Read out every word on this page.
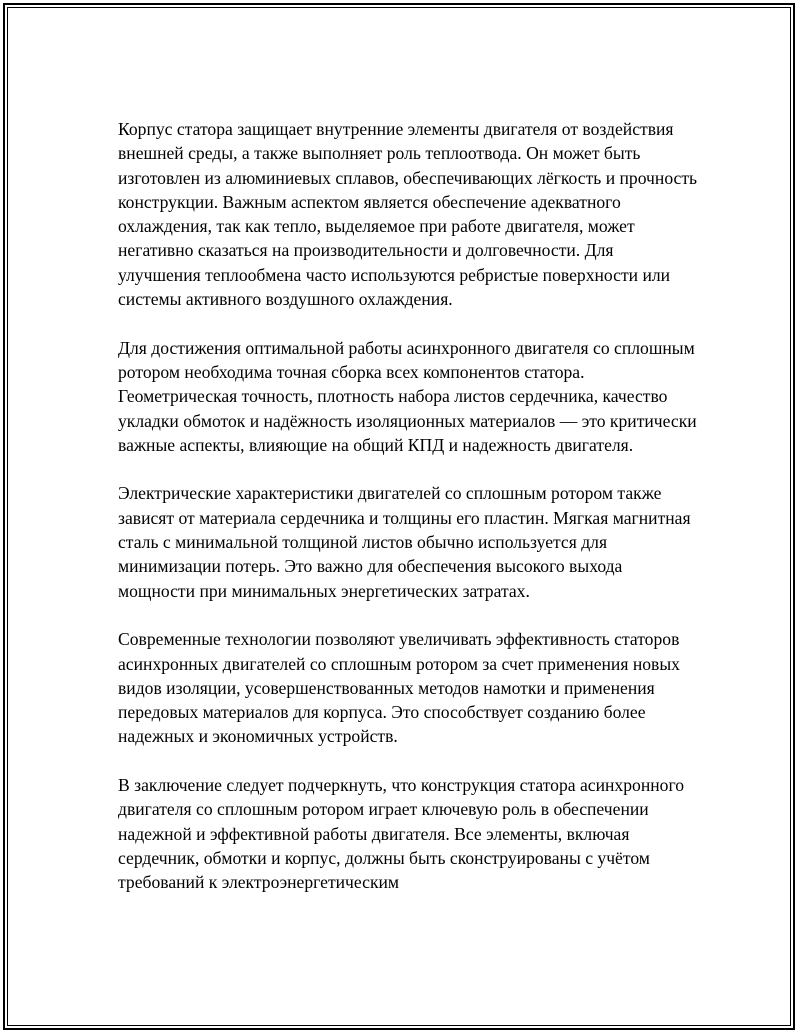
Корпус статора защищает внутренние элементы двигателя от воздействия внешней среды, а также выполняет роль теплоотвода. Он может быть изготовлен из алюминиевых сплавов, обеспечивающих лёгкость и прочность конструкции. Важным аспектом является обеспечение адекватного охлаждения, так как тепло, выделяемое при работе двигателя, может негативно сказаться на производительности и долговечности. Для улучшения теплообмена часто используются ребристые поверхности или системы активного воздушного охлаждения.

Для достижения оптимальной работы асинхронного двигателя со сплошным ротором необходима точная сборка всех компонентов статора. Геометрическая точность, плотность набора листов сердечника, качество укладки обмоток и надёжность изоляционных материалов — это критически важные аспекты, влияющие на общий КПД и надежность двигателя.

Электрические характеристики двигателей со сплошным ротором также зависят от материала сердечника и толщины его пластин. Мягкая магнитная сталь с минимальной толщиной листов обычно используется для минимизации потерь. Это важно для обеспечения высокого выхода мощности при минимальных энергетических затратах.

Современные технологии позволяют увеличивать эффективность статоров асинхронных двигателей со сплошным ротором за счет применения новых видов изоляции, усовершенствованных методов намотки и применения передовых материалов для корпуса. Это способствует созданию более надежных и экономичных устройств.

В заключение следует подчеркнуть, что конструкция статора асинхронного двигателя со сплошным ротором играет ключевую роль в обеспечении надежной и эффективной работы двигателя. Все элементы, включая сердечник, обмотки и корпус, должны быть сконструированы с учётом требований к электроэнергетическим
